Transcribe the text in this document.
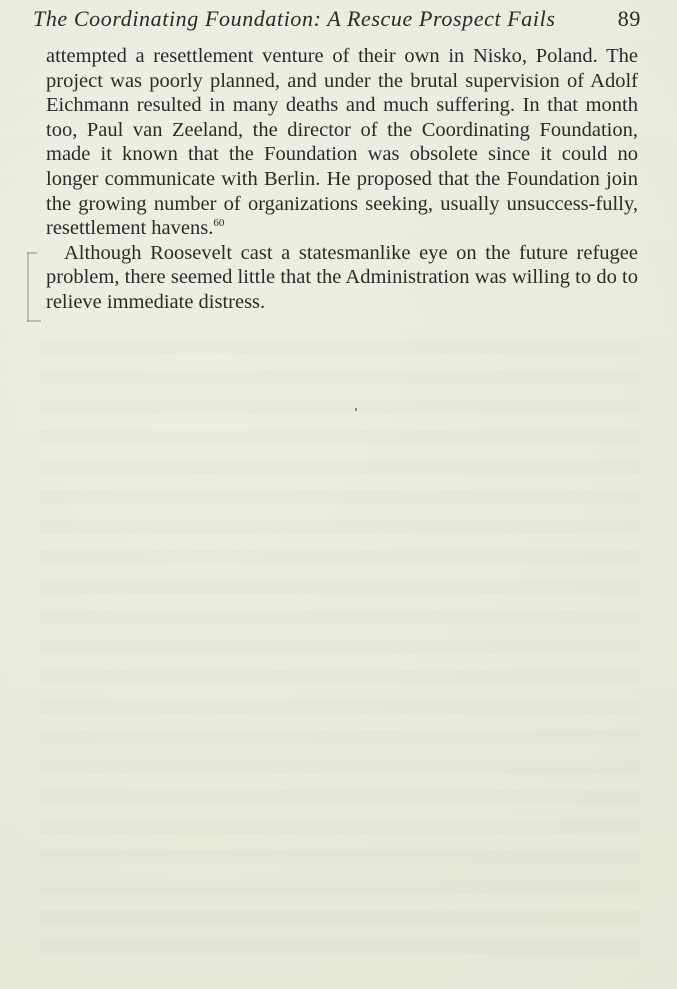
The Coordinating Foundation: A Rescue Prospect Fails	89

attempted a resettlement venture of their own in Nisko, Poland. The project was poorly planned, and under the brutal supervision of Adolf Eichmann resulted in many deaths and much suffering. In that month too, Paul van Zeeland, the director of the Coordinating Foundation, made it known that the Foundation was obsolete since it could no longer communicate with Berlin. He proposed that the Foundation join the growing number of organizations seeking, usually unsuccess-fully, resettlement havens.$^{60}$

Although Roosevelt cast a statesmanlike eye on the future refugee problem, there seemed little that the Administration was willing to do to relieve immediate distress.
